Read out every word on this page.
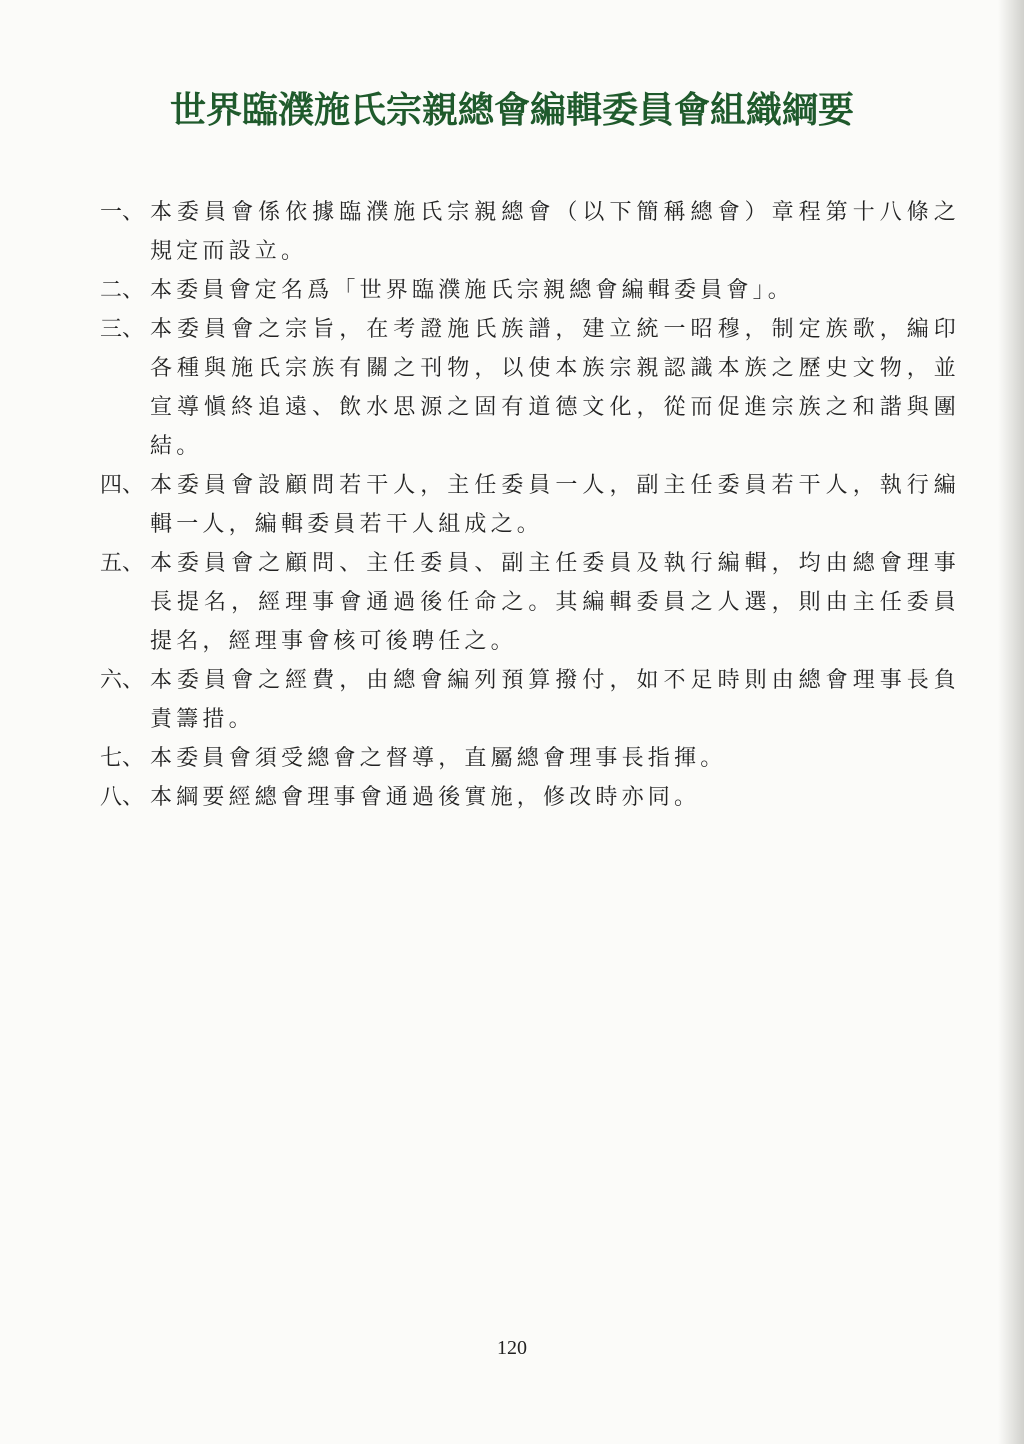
世界臨濮施氏宗親總會編輯委員會組織綱要
一、 本委員會係依據臨濮施氏宗親總會（以下簡稱總會）章程第十八條之規定而設立。

二、 本委員會定名爲「世界臨濮施氏宗親總會編輯委員會」。

三、 本委員會之宗旨，在考證施氏族譜，建立統一昭穆，制定族歌，編印各種與施氏宗族有關之刊物，以使本族宗親認識本族之歷史文物，並宣導愼終追遠、飲水思源之固有道德文化，從而促進宗族之和諧與團結。

四、 本委員會設顧問若干人，主任委員一人，副主任委員若干人，執行編輯一人，編輯委員若干人組成之。

五、 本委員會之顧問、主任委員、副主任委員及執行編輯，均由總會理事長提名，經理事會通過後任命之。其編輯委員之人選，則由主任委員提名，經理事會核可後聘任之。

六、 本委員會之經費，由總會編列預算撥付，如不足時則由總會理事長負責籌措。

七、 本委員會須受總會之督導，直屬總會理事長指揮。

八、 本綱要經總會理事會通過後實施，修改時亦同。

120
